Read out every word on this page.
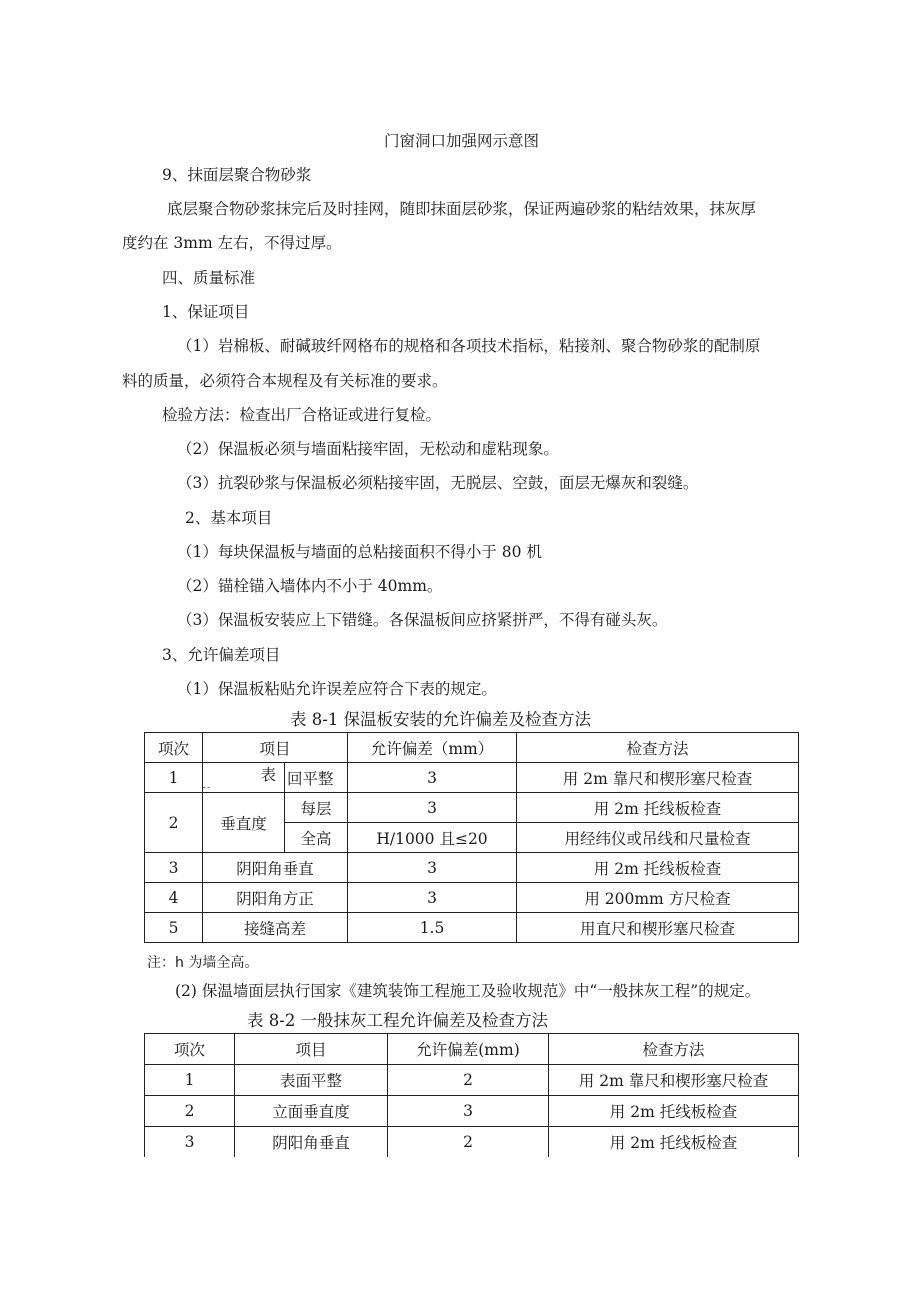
门窗洞口加强网示意图
9、抹面层聚合物砂浆
底层聚合物砂浆抹完后及时挂网，随即抹面层砂浆，保证两遍砂浆的粘结效果，抹灰厚
度约在 3mm 左右，不得过厚。
四、质量标准
1、保证项目
（1）岩棉板、耐碱玻纤网格布的规格和各项技术指标，粘接剂、聚合物砂浆的配制原
料的质量，必须符合本规程及有关标准的要求。
检验方法：检查出厂合格证或进行复检。
（2）保温板必须与墙面粘接牢固，无松动和虚粘现象。
（3）抗裂砂浆与保温板必须粘接牢固，无脱层、空鼓，面层无爆灰和裂缝。
2、基本项目
（1）每块保温板与墙面的总粘接面积不得小于 80 机
（2）锚栓锚入墙体内不小于 40mm。
（3）保温板安装应上下错缝。各保温板间应挤紧拼严，不得有碰头灰。
3、允许偏差项目
（1）保温板粘贴允许误差应符合下表的规定。
表 8-1 保温板安装的允许偏差及检查方法
项次	项目		允许偏差（mm）	检查方法
1	表	回平整	3	用 2m 靠尺和楔形塞尺检查
2	垂直度	每层	3	用 2m 托线板检查
		全高	H/1000 且≤20	用经纬仪或吊线和尺量检查
3	阴阳角垂直		3	用 2m 托线板检查
4	阴阳角方正		3	用 200mm 方尺检查
5	接缝高差		1.5	用直尺和楔形塞尺检查
˘˘
注：h 为墙全高。
(2) 保温墙面层执行国家《建筑装饰工程施工及验收规范》中“一般抹灰工程”的规定。
表 8-2 一般抹灰工程允许偏差及检查方法
项次	项目	允许偏差(mm)	检查方法
1	表面平整	2	用 2m 靠尺和楔形塞尺检查
2	立面垂直度	3	用 2m 托线板检查
3	阴阳角垂直	2	用 2m 托线板检查
